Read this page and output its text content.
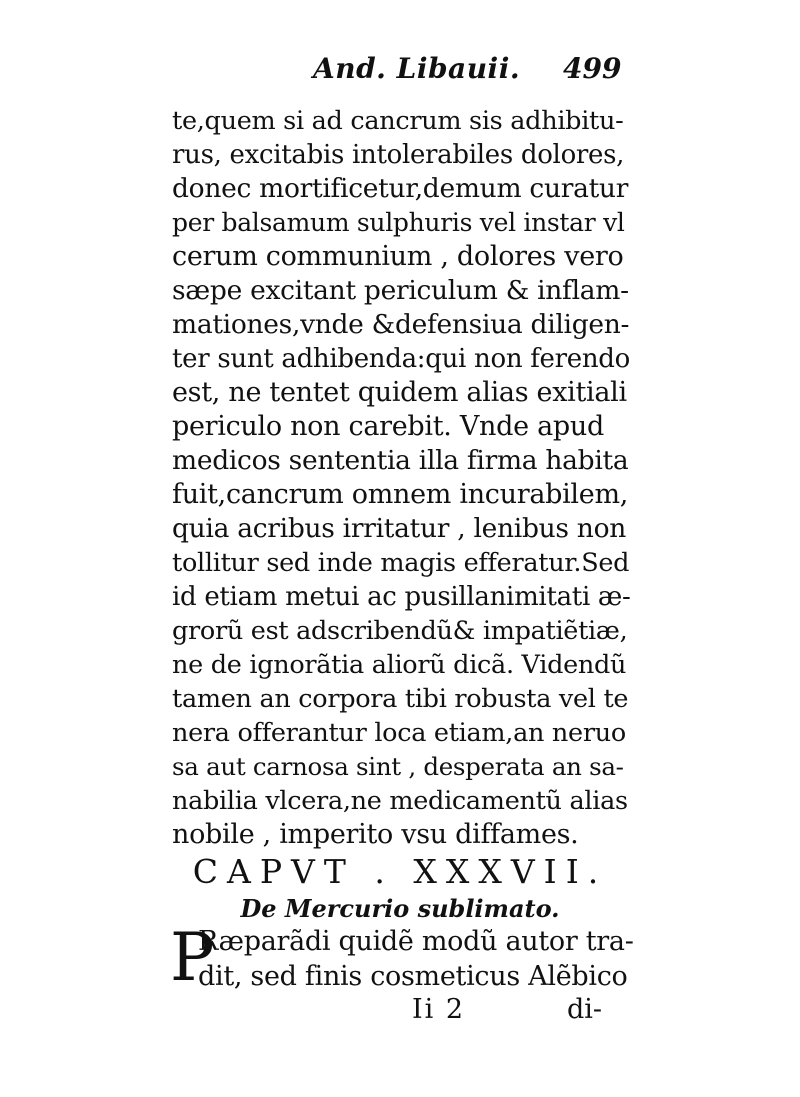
And. Libauii. 499
te,quem si ad cancrum sis adhibitu-
rus, excitabis intolerabiles dolores,
donec mortificetur,demum curatur
per balsamum sulphuris vel instar vl
cerum communium , dolores vero
sæpe excitant periculum & inflam-
mationes,vnde &defensiua diligen-
ter sunt adhibenda:qui non ferendo
est, ne tentet quidem alias exitiali
periculo non carebit. Vnde apud
medicos sententia illa firma habita
fuit,cancrum omnem incurabilem,
quia acribus irritatur , lenibus non
tollitur sed inde magis efferatur.Sed
id etiam metui ac pusillanimitati æ-
grorũ est adscribendũ& impatiẽtiæ,
ne de ignorãtia aliorũ dicã. Videndũ
tamen an corpora tibi robusta vel te
nera offerantur loca etiam,an neruo
sa aut carnosa sint , desperata an sa-
nabilia vlcera,ne medicamentũ alias
nobile , imperito vsu diffames.
CAPVT . XXXVII.
De Mercurio sublimato.
P
Ræparãdi quidẽ modũ autor tra-
dit, sed finis cosmeticus Alẽbico
Ii 2	di-
